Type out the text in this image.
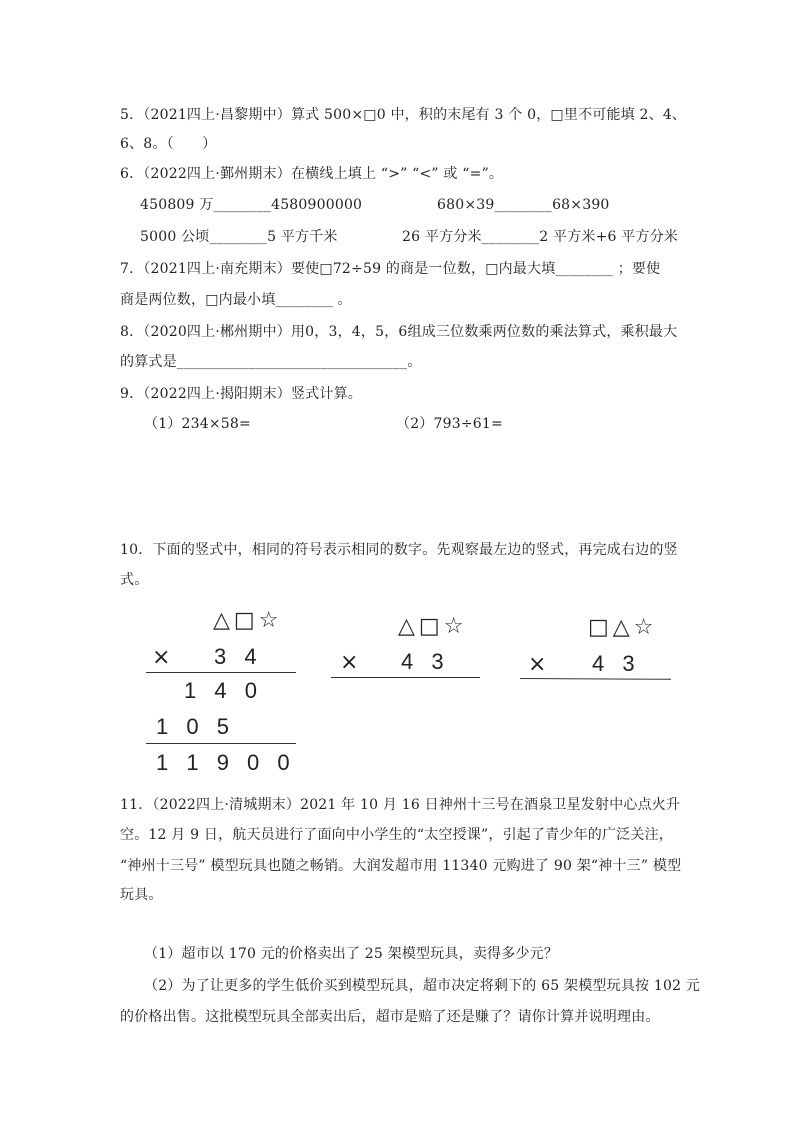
5．（2021四上·昌黎期中）算式 500×□0 中，积的末尾有 3 个 0，□里不可能填 2、4、
6、8。（　　）
6．（2022四上·鄞州期末）在横线上填上 “>” “<” 或 “=”。
450809 万________4580900000	680×39________68×390
5000 公顷________5 平方千米	26 平方分米________2 平方米+6 平方分米
7．（2021四上·南充期末）要使□72÷59 的商是一位数，□内最大填________ ；要使
商是两位数，□内最小填________ 。
8．（2020四上·郴州期中）用0，3，4，5，6组成三位数乘两位数的乘法算式，乘积最大
的算式是________________________________。
9．（2022四上·揭阳期末）竖式计算。
（1）234×58=	（2）793÷61=
10．下面的竖式中，相同的符号表示相同的数字。先观察最左边的竖式，再完成右边的竖
式。
△□☆
× 3 4
1 4 0
1 0 5
1 1 9 0 0
△□☆
× 4 3
□△☆
× 4 3
11．（2022四上·清城期末）2021 年 10 月 16 日神州十三号在酒泉卫星发射中心点火升
空。12 月 9 日，航天员进行了面向中小学生的“太空授课”，引起了青少年的广泛关注，
“神州十三号” 模型玩具也随之畅销。大润发超市用 11340 元购进了 90 架“神十三” 模型
玩具。
（1）超市以 170 元的价格卖出了 25 架模型玩具，卖得多少元？
（2）为了让更多的学生低价买到模型玩具，超市决定将剩下的 65 架模型玩具按 102 元
的价格出售。这批模型玩具全部卖出后，超市是赔了还是赚了？请你计算并说明理由。
